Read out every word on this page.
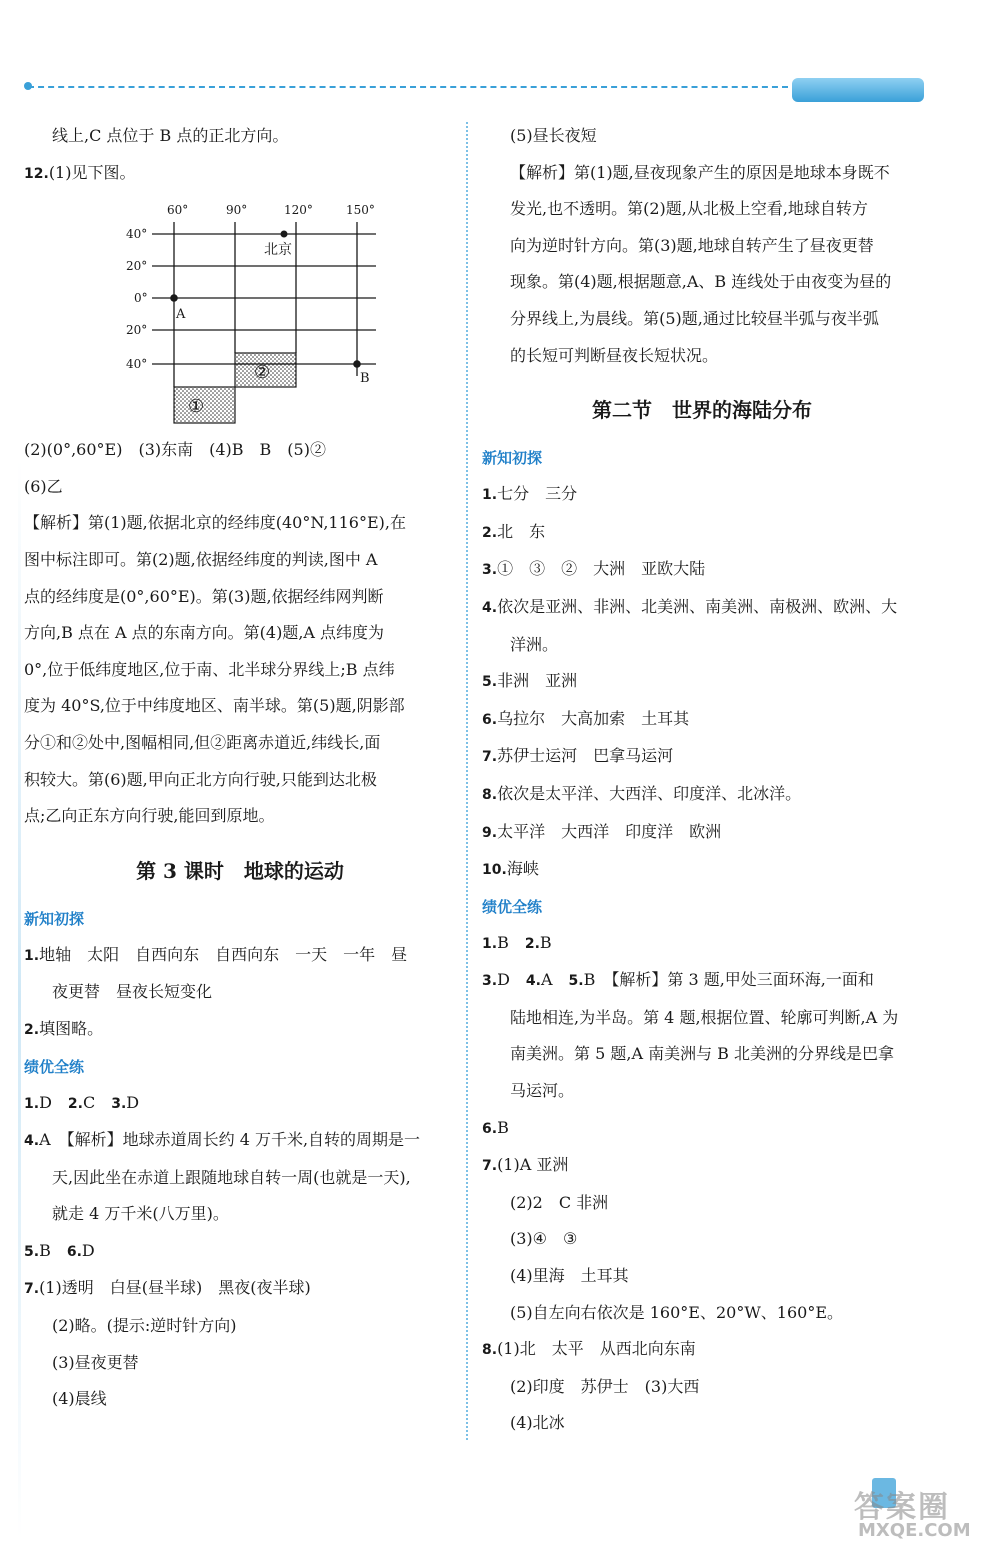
线上,C 点位于 B 点的正北方向。

12.(1)见下图。

60°	90°	120°	150°
40°
20°
0°
20°
40°
北京
A
B
①
②

(2)(0°,60°E)　(3)东南　(4)B　B　(5)②

(6)乙

【解析】第(1)题,依据北京的经纬度(40°N,116°E),在

图中标注即可。第(2)题,依据经纬度的判读,图中 A

点的经纬度是(0°,60°E)。第(3)题,依据经纬网判断

方向,B 点在 A 点的东南方向。第(4)题,A 点纬度为

0°,位于低纬度地区,位于南、北半球分界线上;B 点纬

度为 40°S,位于中纬度地区、南半球。第(5)题,阴影部

分①和②处中,图幅相同,但②距离赤道近,纬线长,面

积较大。第(6)题,甲向正北方向行驶,只能到达北极

点;乙向正东方向行驶,能回到原地。

第 3 课时　地球的运动

新知初探

1.地轴　太阳　自西向东　自西向东　一天　一年　昼

夜更替　昼夜长短变化

2.填图略。

绩优全练

1.D　2.C　3.D

4.A　【解析】地球赤道周长约 4 万千米,自转的周期是一

天,因此坐在赤道上跟随地球自转一周(也就是一天),

就走 4 万千米(八万里)。

5.B　6.D

7.(1)透明　白昼(昼半球)　黑夜(夜半球)

(2)略。(提示:逆时针方向)

(3)昼夜更替

(4)晨线

(5)昼长夜短

【解析】第(1)题,昼夜现象产生的原因是地球本身既不

发光,也不透明。第(2)题,从北极上空看,地球自转方

向为逆时针方向。第(3)题,地球自转产生了昼夜更替

现象。第(4)题,根据题意,A、B 连线处于由夜变为昼的

分界线上,为晨线。第(5)题,通过比较昼半弧与夜半弧

的长短可判断昼夜长短状况。

第二节　世界的海陆分布

新知初探

1.七分　三分

2.北　东

3.①　③　②　大洲　亚欧大陆

4.依次是亚洲、非洲、北美洲、南美洲、南极洲、欧洲、大

洋洲。

5.非洲　亚洲

6.乌拉尔　大高加索　土耳其

7.苏伊士运河　巴拿马运河

8.依次是太平洋、大西洋、印度洋、北冰洋。

9.太平洋　大西洋　印度洋　欧洲

10.海峡

绩优全练

1.B　2.B

3.D　4.A　5.B　【解析】第 3 题,甲处三面环海,一面和

陆地相连,为半岛。第 4 题,根据位置、轮廓可判断,A 为

南美洲。第 5 题,A 南美洲与 B 北美洲的分界线是巴拿

马运河。

6.B

7.(1)A 亚洲

(2)2　C 非洲

(3)④　③

(4)里海　土耳其

(5)自左向右依次是 160°E、20°W、160°E。

8.(1)北　太平　从西北向东南

(2)印度　苏伊士　(3)大西

(4)北冰

答案圈
MXQE.COM
